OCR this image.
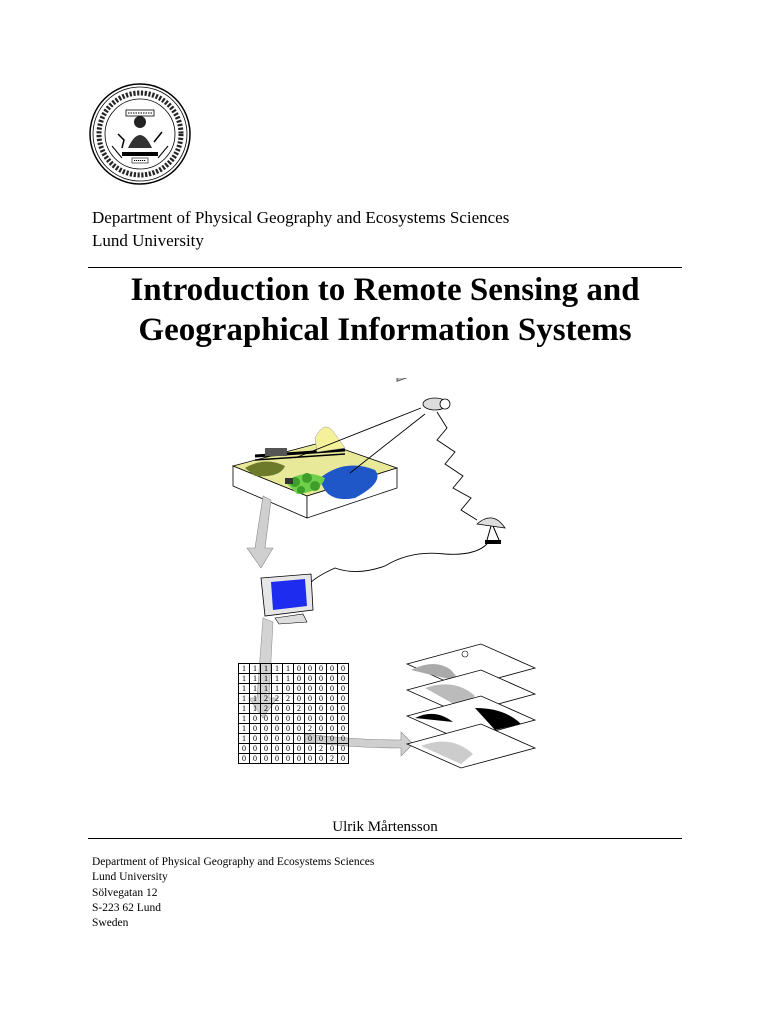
Department of Physical Geography and Ecosystems Sciences
Lund University
Introduction to Remote Sensing and
Geographical Information Systems
1	1	1	1	1	0	0	0	0	0
1	1	1	1	1	0	0	0	0	0
1	1	1	1	0	0	0	0	0	0
1	1	2	2	2	0	0	0	0	0
1	1	2	0	0	2	0	0	0	0
1	0	0	0	0	0	0	0	0	0
1	0	0	0	0	0	2	0	0	0
1	0	0	0	0	0	0	0	0	0
0	0	0	0	0	0	0	2	0	0
0	0	0	0	0	0	0	0	2	0
Ulrik Mårtensson
Department of Physical Geography and Ecosystems Sciences
Lund University
Sölvegatan 12
S-223 62 Lund
Sweden
